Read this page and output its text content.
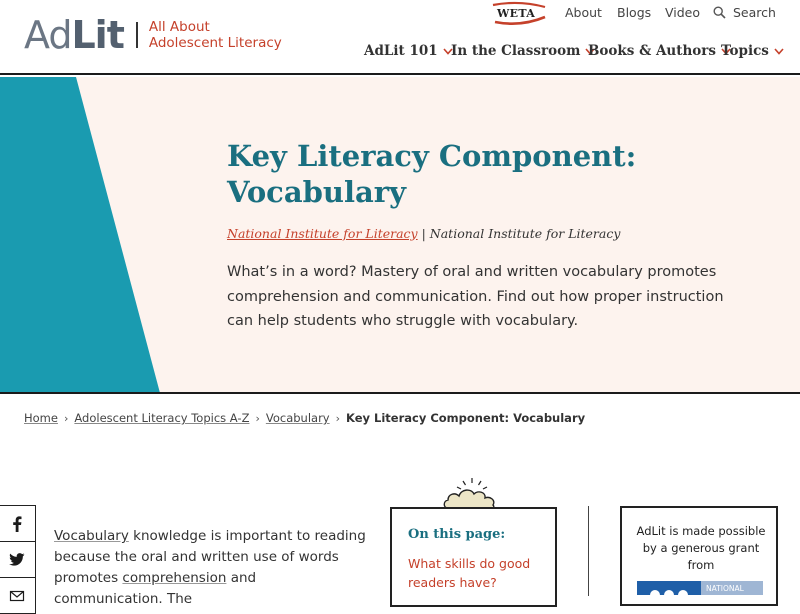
Ad Lit All About
Adolescent Literacy
WETA About Blogs Video	Search
AdLit 101 In the Classroom Books & Authors Topics
Key Literacy Component:
Vocabulary
National Institute for Literacy | National Institute for Literacy

What’s in a word? Mastery of oral and written vocabulary promotes comprehension and communication. Find out how proper instruction can help students who struggle with vocabulary.

Home › Adolescent Literacy Topics A-Z › Vocabulary › Key Literacy Component: Vocabulary

Vocabulary knowledge is important to reading because the oral and written use of words promotes comprehension and communication. The

On this page:
What skills do good readers have?
AdLit is made possible by a generous grant from
NATIONAL
